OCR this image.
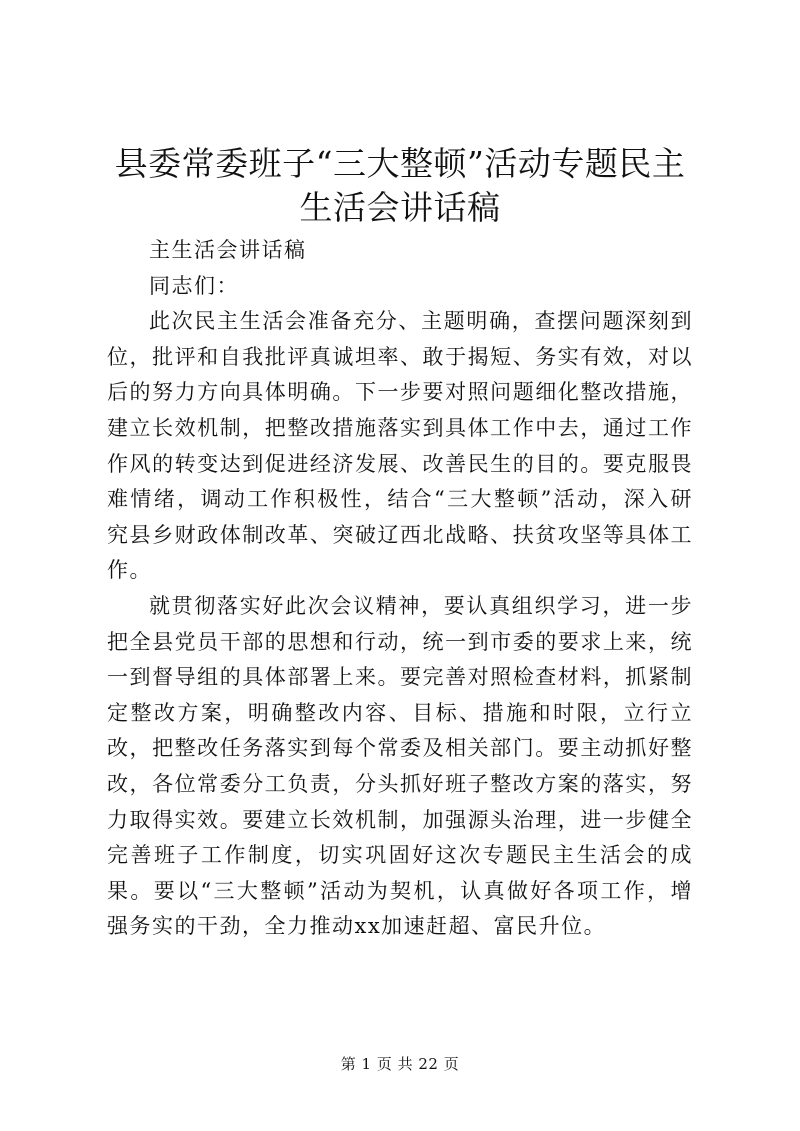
县委常委班子“三大整顿”活动专题民主生活会讲话稿

主生活会讲话稿

同志们：

此次民主生活会准备充分、主题明确，查摆问题深刻到位，批评和自我批评真诚坦率、敢于揭短、务实有效，对以后的努力方向具体明确。下一步要对照问题细化整改措施，建立长效机制，把整改措施落实到具体工作中去，通过工作作风的转变达到促进经济发展、改善民生的目的。要克服畏难情绪，调动工作积极性，结合“三大整顿”活动，深入研究县乡财政体制改革、突破辽西北战略、扶贫攻坚等具体工作。

就贯彻落实好此次会议精神，要认真组织学习，进一步把全县党员干部的思想和行动，统一到市委的要求上来，统一到督导组的具体部署上来。要完善对照检查材料，抓紧制定整改方案，明确整改内容、目标、措施和时限，立行立改，把整改任务落实到每个常委及相关部门。要主动抓好整改，各位常委分工负责，分头抓好班子整改方案的落实，努力取得实效。要建立长效机制，加强源头治理，进一步健全完善班子工作制度，切实巩固好这次专题民主生活会的成果。要以“三大整顿”活动为契机，认真做好各项工作，增强务实的干劲，全力推动xx加速赶超、富民升位。

第 1 页 共 22 页
